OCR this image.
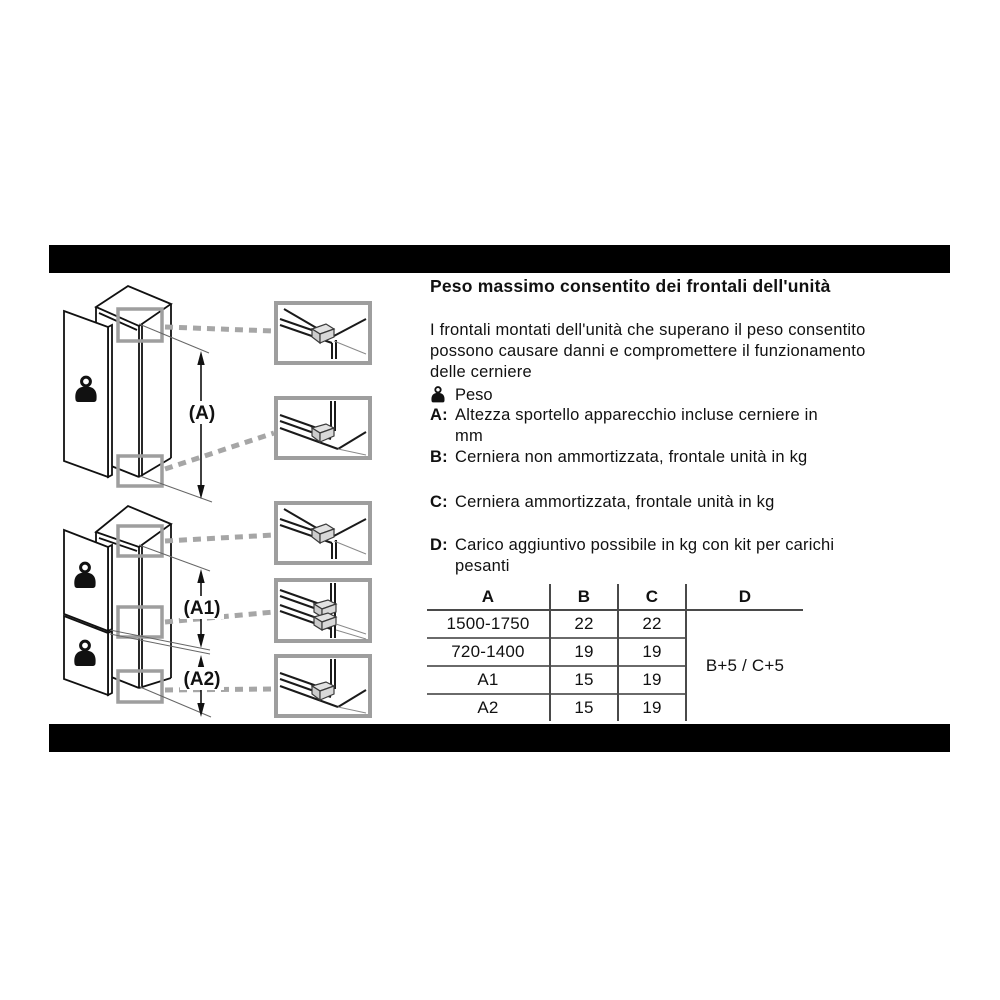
(A)
(A1)
(A2)
Peso massimo consentito dei frontali dell'unità
I frontali montati dell'unità che superano il peso consentito
possono causare danni e compromettere il funzionamento
delle cerniere
Peso
A: Altezza sportello apparecchio incluse cerniere in
mm
B: Cerniera non ammortizzata, frontale unità in kg
C: Cerniera ammortizzata, frontale unità in kg
D: Carico aggiuntivo possibile in kg con kit per carichi
pesanti
A	B	C	D
1500-1750	22	22	B+5 / C+5
720-1400	19	19	
A1	15	19	
A2	15	19	
